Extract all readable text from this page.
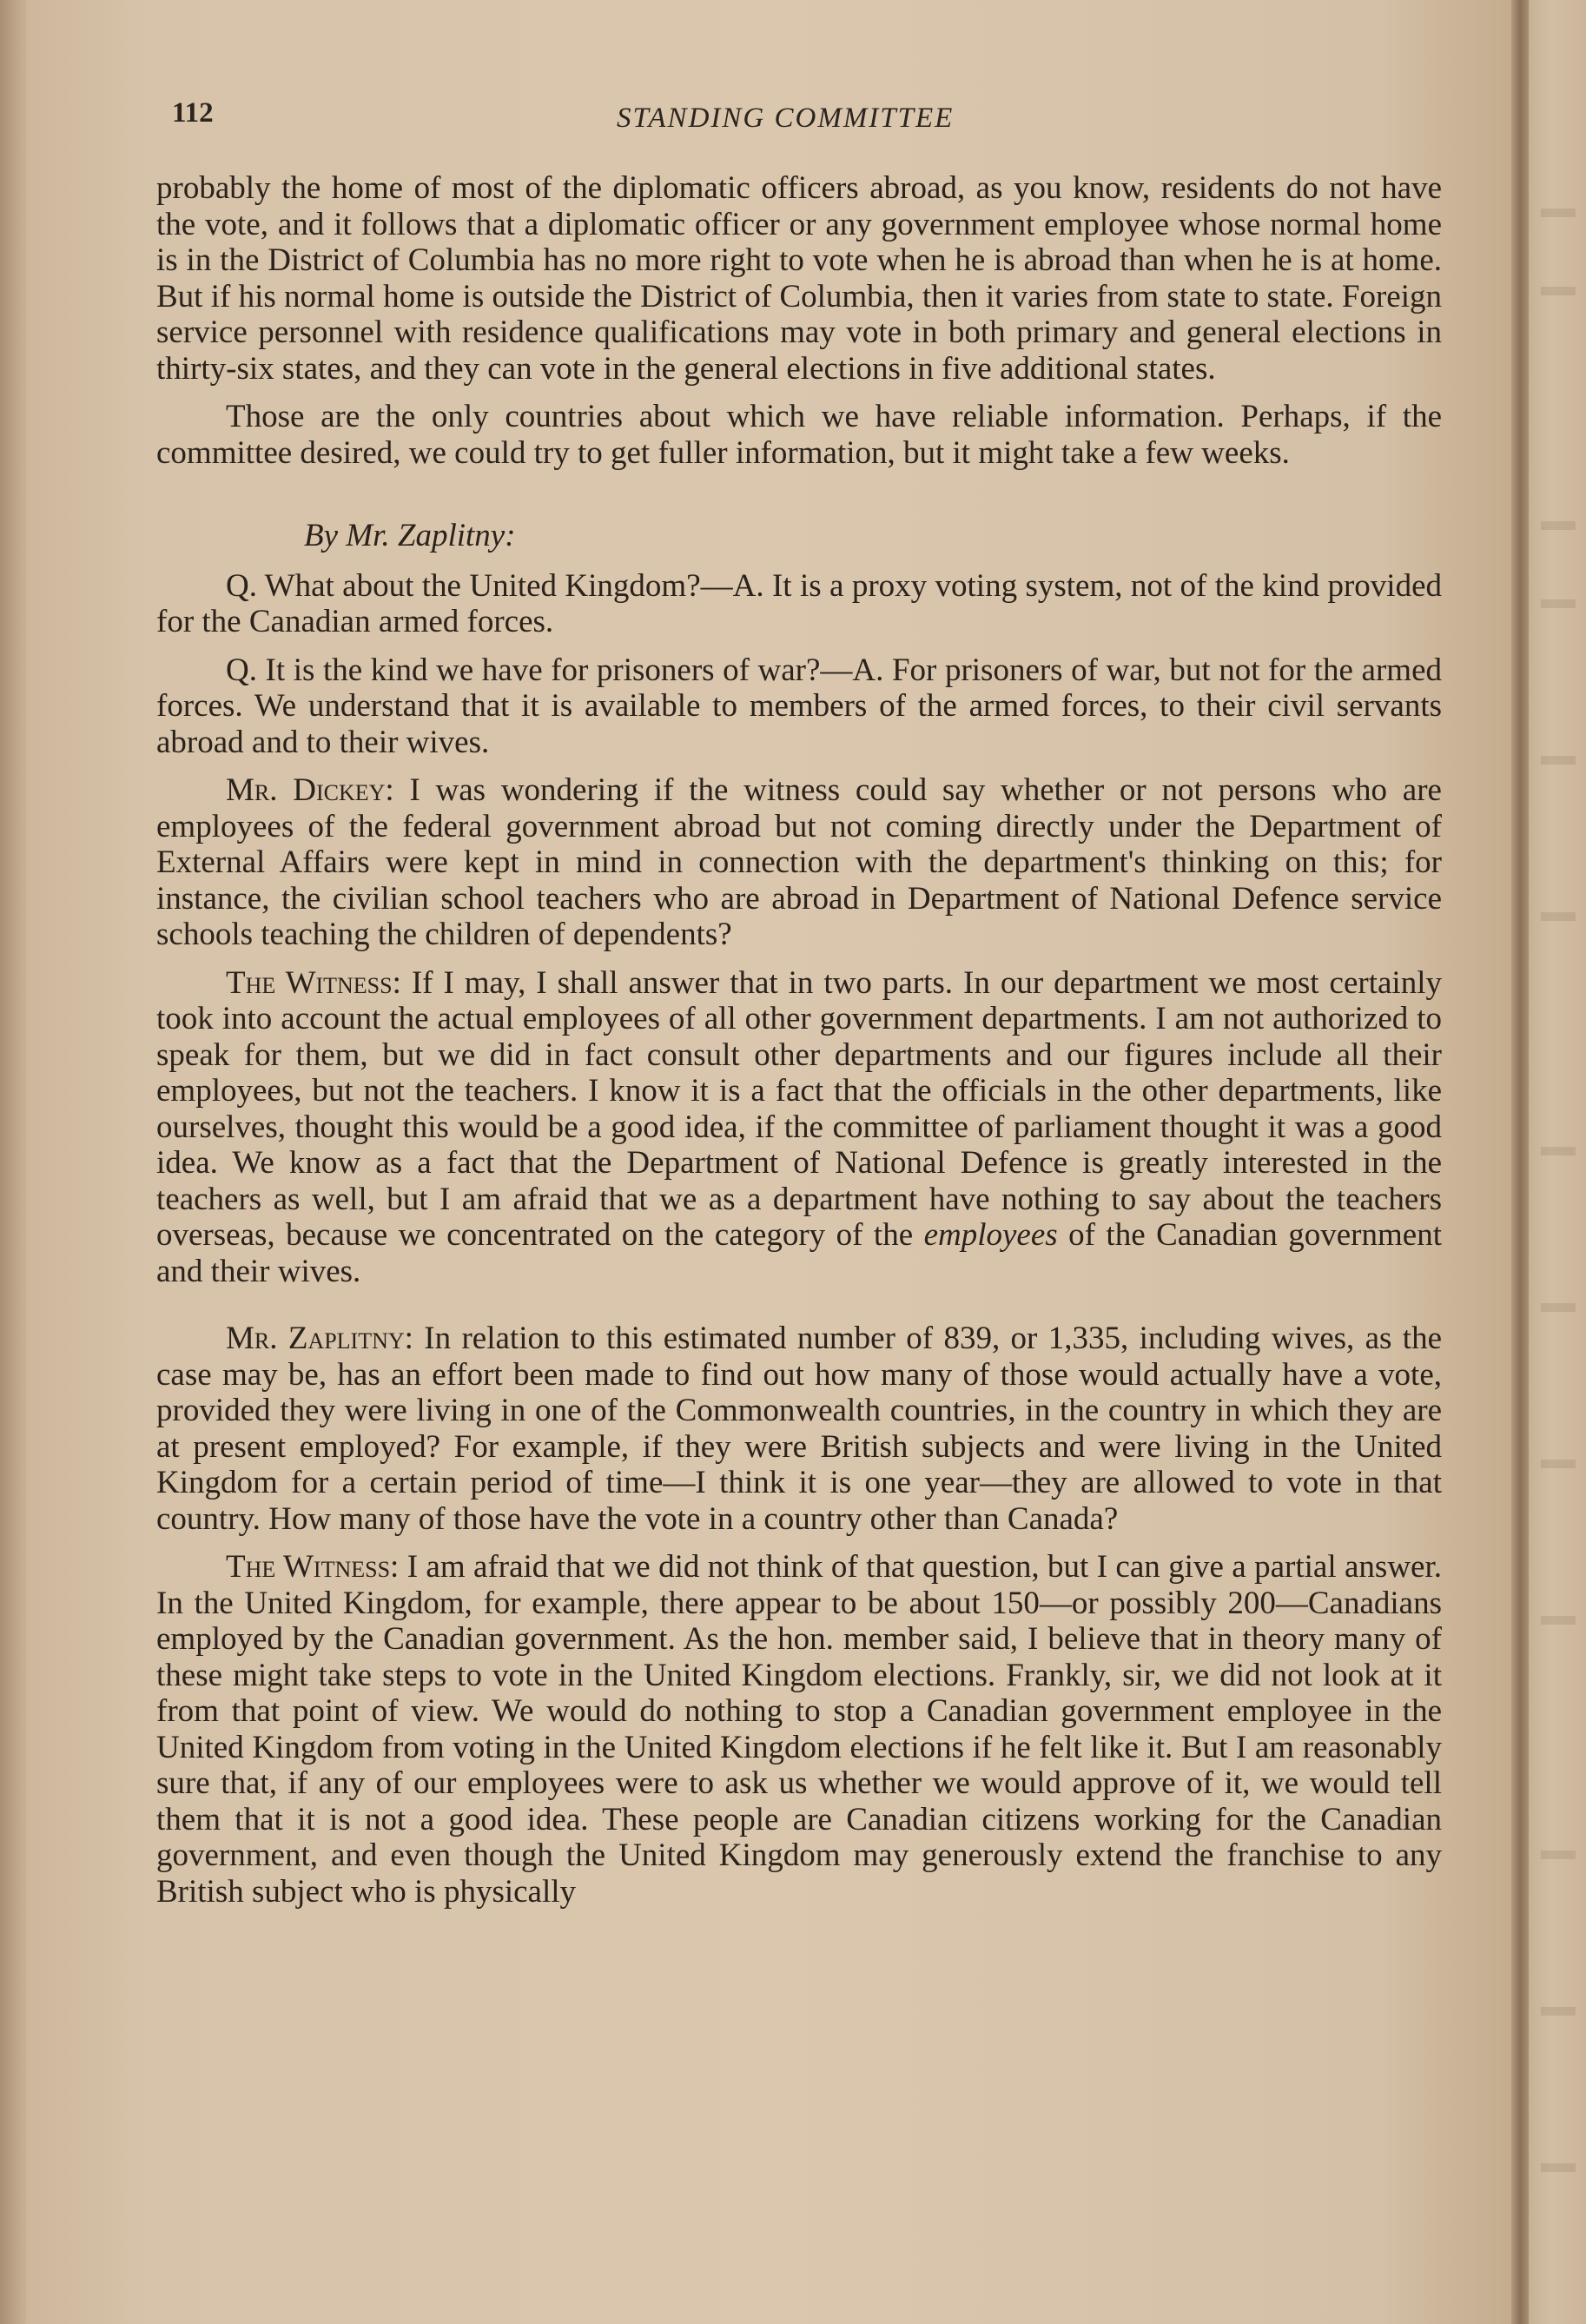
112	STANDING COMMITTEE

probably the home of most of the diplomatic officers abroad, as you know, residents do not have the vote, and it follows that a diplomatic officer or any government employee whose normal home is in the District of Columbia has no more right to vote when he is abroad than when he is at home. But if his normal home is outside the District of Columbia, then it varies from state to state. Foreign service personnel with residence qualifications may vote in both primary and general elections in thirty-six states, and they can vote in the general elections in five additional states.

Those are the only countries about which we have reliable information. Perhaps, if the committee desired, we could try to get fuller information, but it might take a few weeks.

By Mr. Zaplitny:

Q. What about the United Kingdom?—A. It is a proxy voting system, not of the kind provided for the Canadian armed forces.

Q. It is the kind we have for prisoners of war?—A. For prisoners of war, but not for the armed forces. We understand that it is available to members of the armed forces, to their civil servants abroad and to their wives.

Mr. Dickey: I was wondering if the witness could say whether or not persons who are employees of the federal government abroad but not coming directly under the Department of External Affairs were kept in mind in connection with the department's thinking on this; for instance, the civilian school teachers who are abroad in Department of National Defence service schools teaching the children of dependents?

The Witness: If I may, I shall answer that in two parts. In our department we most certainly took into account the actual employees of all other government departments. I am not authorized to speak for them, but we did in fact consult other departments and our figures include all their employees, but not the teachers. I know it is a fact that the officials in the other departments, like ourselves, thought this would be a good idea, if the committee of parliament thought it was a good idea. We know as a fact that the Department of National Defence is greatly interested in the teachers as well, but I am afraid that we as a department have nothing to say about the teachers overseas, because we concentrated on the category of the employees of the Canadian government and their wives.

Mr. Zaplitny: In relation to this estimated number of 839, or 1,335, including wives, as the case may be, has an effort been made to find out how many of those would actually have a vote, provided they were living in one of the Commonwealth countries, in the country in which they are at present employed? For example, if they were British subjects and were living in the United Kingdom for a certain period of time—I think it is one year—they are allowed to vote in that country. How many of those have the vote in a country other than Canada?

The Witness: I am afraid that we did not think of that question, but I can give a partial answer. In the United Kingdom, for example, there appear to be about 150—or possibly 200—Canadians employed by the Canadian government. As the hon. member said, I believe that in theory many of these might take steps to vote in the United Kingdom elections. Frankly, sir, we did not look at it from that point of view. We would do nothing to stop a Canadian government employee in the United Kingdom from voting in the United Kingdom elections if he felt like it. But I am reasonably sure that, if any of our employees were to ask us whether we would approve of it, we would tell them that it is not a good idea. These people are Canadian citizens working for the Canadian government, and even though the United Kingdom may generously extend the franchise to any British subject who is physically
